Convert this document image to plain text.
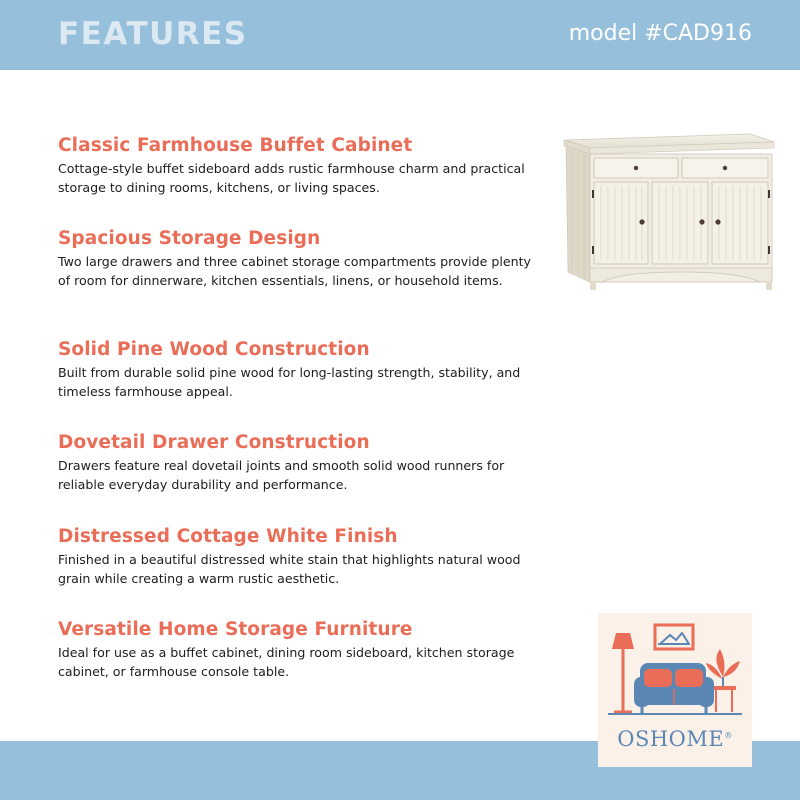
FEATURES	model #CAD916
Classic Farmhouse Buffet Cabinet

Cottage-style buffet sideboard adds rustic farmhouse charm and practical storage to dining rooms, kitchens, or living spaces.

Spacious Storage Design

Two large drawers and three cabinet storage compartments provide plenty of room for dinnerware, kitchen essentials, linens, or household items.

Solid Pine Wood Construction

Built from durable solid pine wood for long-lasting strength, stability, and timeless farmhouse appeal.

Dovetail Drawer Construction

Drawers feature real dovetail joints and smooth solid wood runners for reliable everyday durability and performance.

Distressed Cottage White Finish

Finished in a beautiful distressed white stain that highlights natural wood grain while creating a warm rustic aesthetic.

Versatile Home Storage Furniture

Ideal for use as a buffet cabinet, dining room sideboard, kitchen storage cabinet, or farmhouse console table.

OSHOME®
